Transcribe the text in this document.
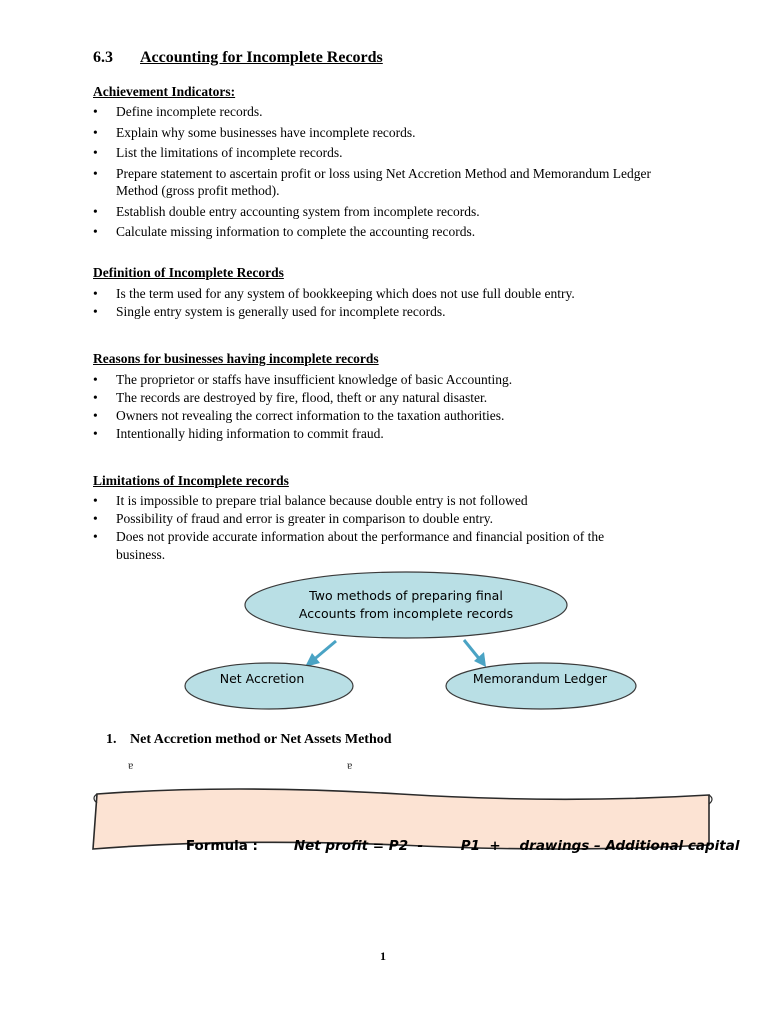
6.3 Accounting for Incomplete Records
Achievement Indicators:
• Define incomplete records.
• Explain why some businesses have incomplete records.
• List the limitations of incomplete records.
• Prepare statement to ascertain profit or loss using Net Accretion Method and Memorandum Ledger Method (gross profit method).
• Establish double entry accounting system from incomplete records.
• Calculate missing information to complete the accounting records.
Definition of Incomplete Records
• Is the term used for any system of bookkeeping which does not use full double entry.
• Single entry system is generally used for incomplete records.
Reasons for businesses having incomplete records
• The proprietor or staffs have insufficient knowledge of basic Accounting.
• The records are destroyed by fire, flood, theft or any natural disaster.
• Owners not revealing the correct information to the taxation authorities.
• Intentionally hiding information to commit fraud.
Limitations of Incomplete records
• It is impossible to prepare trial balance because double entry is not followed
• Possibility of fraud and error is greater in comparison to double entry.
• Does not provide accurate information about the performance and financial position of the business.
Two methods of preparing final
Accounts from incomplete records
Net Accretion	Memorandum Ledger
1. Net Accretion method or Net Assets Method
ɐ	ɐ

Formula :	Net profit = P2  -        P1  +    drawings – Additional capital

1
